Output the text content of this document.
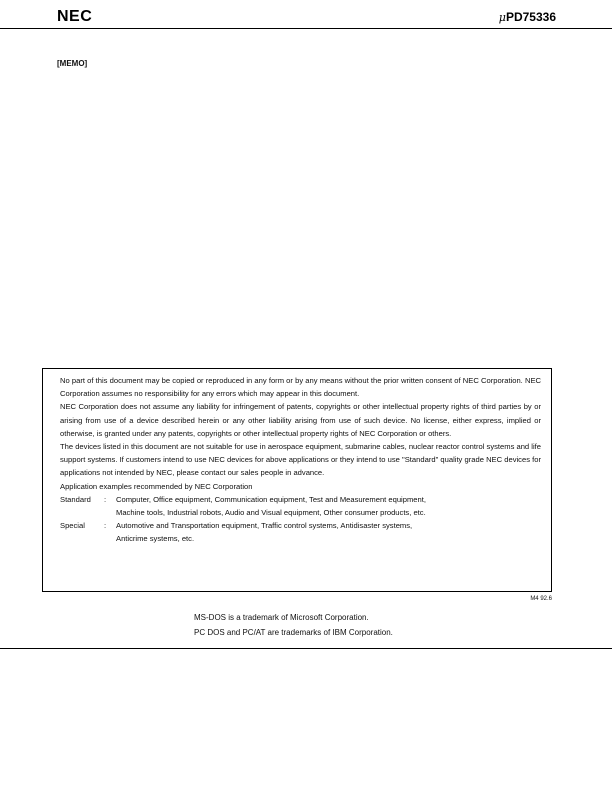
NEC	μPD75336
[MEMO]

No part of this document may be copied or reproduced in any form or by any means without the prior written consent of NEC Corporation. NEC Corporation assumes no responsibility for any errors which may appear in this document.

NEC Corporation does not assume any liability for infringement of patents, copyrights or other intellectual property rights of third parties by or arising from use of a device described herein or any other liability arising from use of such device. No license, either express, implied or otherwise, is granted under any patents, copyrights or other intellectual property rights of NEC Corporation or others.

The devices listed in this document are not suitable for use in aerospace equipment, submarine cables, nuclear reactor control systems and life support systems. If customers intend to use NEC devices for above applications or they intend to use "Standard" quality grade NEC devices for applications not intended by NEC, please contact our sales people in advance.

Application examples recommended by NEC Corporation

Standard : Computer, Office equipment, Communication equipment, Test and Measurement equipment,
Machine tools, Industrial robots, Audio and Visual equipment, Other consumer products, etc.
Special	: Automotive and Transportation equipment, Traffic control systems, Antidisaster systems,
Anticrime systems, etc.
M4 92.6
MS-DOS is a trademark of Microsoft Corporation.
PC DOS and PC/AT are trademarks of IBM Corporation.
